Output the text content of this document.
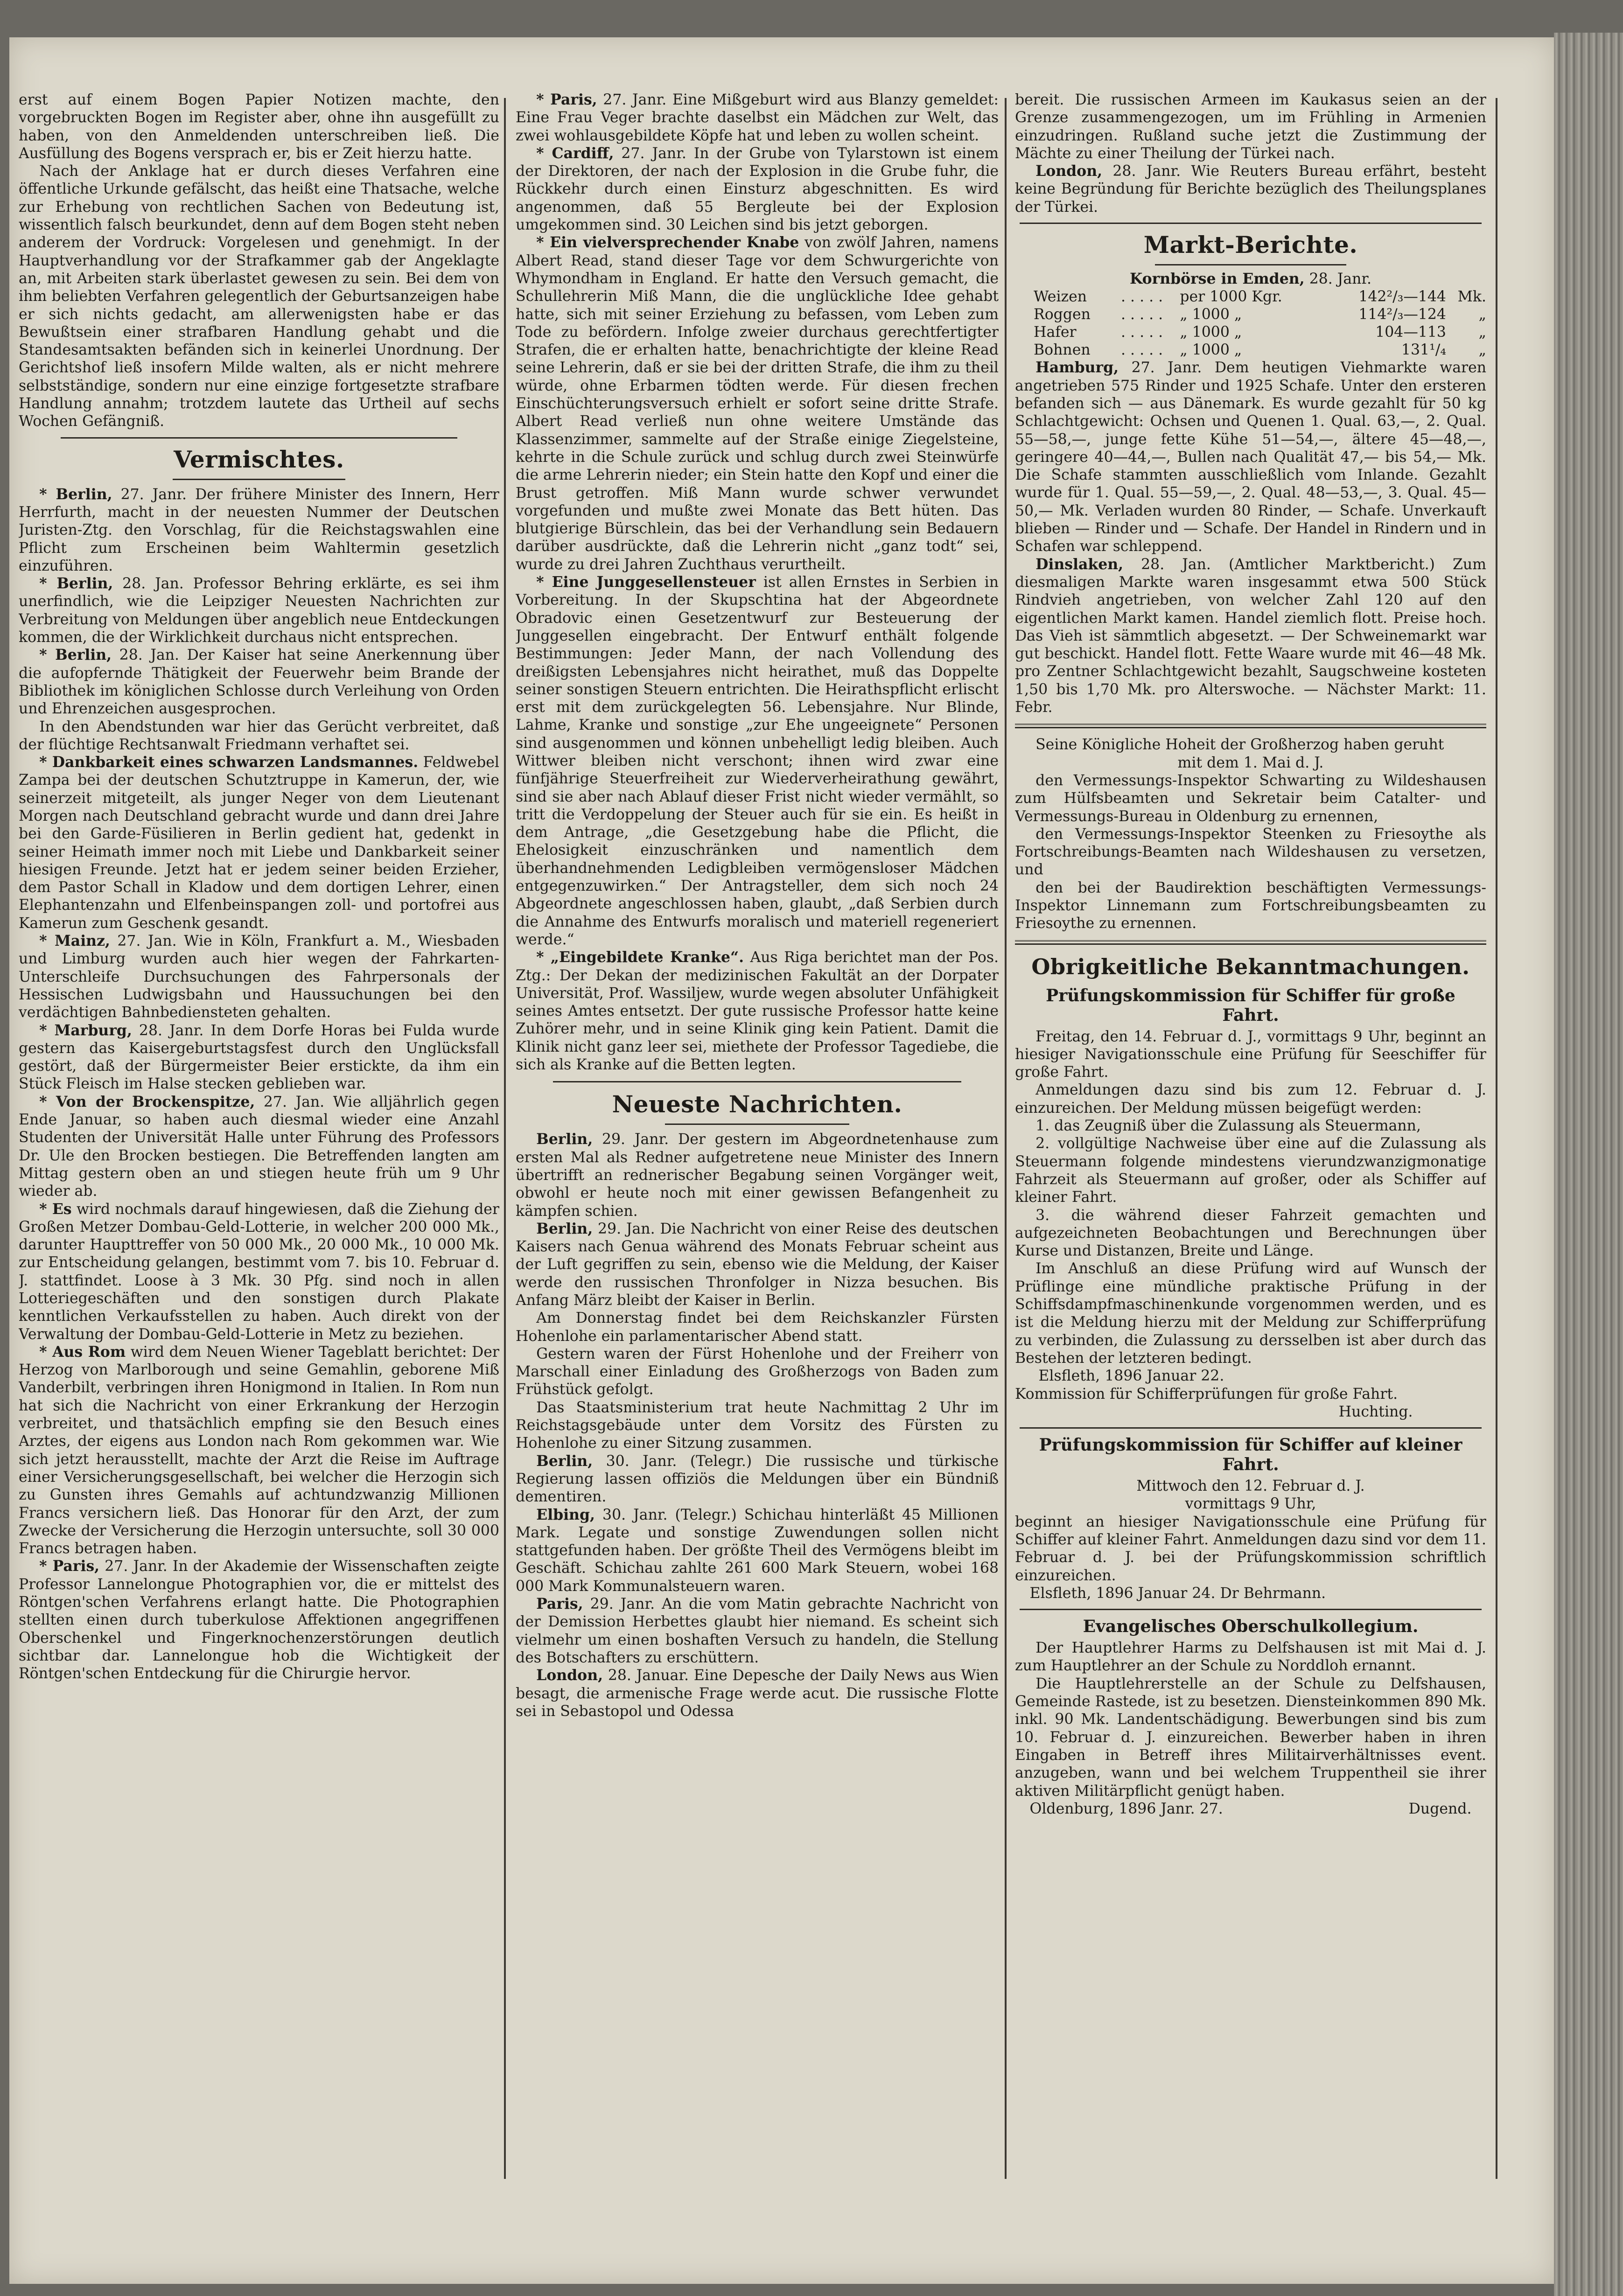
erst auf einem Bogen Papier Notizen machte, den vorgebruckten Bogen im Register aber, ohne ihn ausgefüllt zu haben, von den Anmeldenden unterschreiben ließ. Die Ausfüllung des Bogens versprach er, bis er Zeit hierzu hatte.

Nach der Anklage hat er durch dieses Verfahren eine öffentliche Urkunde gefälscht, das heißt eine Thatsache, welche zur Erhebung von rechtlichen Sachen von Bedeutung ist, wissentlich falsch beurkundet, denn auf dem Bogen steht neben anderem der Vordruck: Vorgelesen und genehmigt. In der Hauptverhandlung vor der Strafkammer gab der Angeklagte an, mit Arbeiten stark überlastet gewesen zu sein. Bei dem von ihm beliebten Verfahren gelegentlich der Geburtsanzeigen habe er sich nichts gedacht, am allerwenigsten habe er das Bewußtsein einer strafbaren Handlung gehabt und die Standesamtsakten befänden sich in keinerlei Unordnung. Der Gerichtshof ließ insofern Milde walten, als er nicht mehrere selbstständige, sondern nur eine einzige fortgesetzte strafbare Handlung annahm; trotzdem lautete das Urtheil auf sechs Wochen Gefängniß.

Vermischtes.

* Berlin, 27. Janr. Der frühere Minister des Innern, Herr Herrfurth, macht in der neuesten Nummer der Deutschen Juristen-Ztg. den Vorschlag, für die Reichstagswahlen eine Pflicht zum Erscheinen beim Wahltermin gesetzlich einzuführen.

* Berlin, 28. Jan. Professor Behring erklärte, es sei ihm unerfindlich, wie die Leipziger Neuesten Nachrichten zur Verbreitung von Meldungen über angeblich neue Entdeckungen kommen, die der Wirklichkeit durchaus nicht entsprechen.

* Berlin, 28. Jan. Der Kaiser hat seine Anerkennung über die aufopfernde Thätigkeit der Feuerwehr beim Brande der Bibliothek im königlichen Schlosse durch Verleihung von Orden und Ehrenzeichen ausgesprochen.

In den Abendstunden war hier das Gerücht verbreitet, daß der flüchtige Rechtsanwalt Friedmann verhaftet sei.

* Dankbarkeit eines schwarzen Landsmannes. Feldwebel Zampa bei der deutschen Schutztruppe in Kamerun, der, wie seinerzeit mitgeteilt, als junger Neger von dem Lieutenant Morgen nach Deutschland gebracht wurde und dann drei Jahre bei den Garde-Füsilieren in Berlin gedient hat, gedenkt in seiner Heimath immer noch mit Liebe und Dankbarkeit seiner hiesigen Freunde. Jetzt hat er jedem seiner beiden Erzieher, dem Pastor Schall in Kladow und dem dortigen Lehrer, einen Elephantenzahn und Elfenbeinspangen zoll- und portofrei aus Kamerun zum Geschenk gesandt.

* Mainz, 27. Jan. Wie in Köln, Frankfurt a. M., Wiesbaden und Limburg wurden auch hier wegen der Fahrkarten-Unterschleife Durchsuchungen des Fahrpersonals der Hessischen Ludwigsbahn und Haussuchungen bei den verdächtigen Bahnbediensteten gehalten.

* Marburg, 28. Janr. In dem Dorfe Horas bei Fulda wurde gestern das Kaisergeburtstagsfest durch den Unglücksfall gestört, daß der Bürgermeister Beier erstickte, da ihm ein Stück Fleisch im Halse stecken geblieben war.

* Von der Brockenspitze, 27. Jan. Wie alljährlich gegen Ende Januar, so haben auch diesmal wieder eine Anzahl Studenten der Universität Halle unter Führung des Professors Dr. Ule den Brocken bestiegen. Die Betreffenden langten am Mittag gestern oben an und stiegen heute früh um 9 Uhr wieder ab.

* Es wird nochmals darauf hingewiesen, daß die Ziehung der Großen Metzer Dombau-Geld-Lotterie, in welcher 200 000 Mk., darunter Haupttreffer von 50 000 Mk., 20 000 Mk., 10 000 Mk. zur Entscheidung gelangen, bestimmt vom 7. bis 10. Februar d. J. stattfindet. Loose à 3 Mk. 30 Pfg. sind noch in allen Lotteriegeschäften und den sonstigen durch Plakate kenntlichen Verkaufsstellen zu haben. Auch direkt von der Verwaltung der Dombau-Geld-Lotterie in Metz zu beziehen.

* Aus Rom wird dem Neuen Wiener Tageblatt berichtet: Der Herzog von Marlborough und seine Gemahlin, geborene Miß Vanderbilt, verbringen ihren Honigmond in Italien. In Rom nun hat sich die Nachricht von einer Erkrankung der Herzogin verbreitet, und thatsächlich empfing sie den Besuch eines Arztes, der eigens aus London nach Rom gekommen war. Wie sich jetzt herausstellt, machte der Arzt die Reise im Auftrage einer Versicherungsgesellschaft, bei welcher die Herzogin sich zu Gunsten ihres Gemahls auf achtundzwanzig Millionen Francs versichern ließ. Das Honorar für den Arzt, der zum Zwecke der Versicherung die Herzogin untersuchte, soll 30 000 Francs betragen haben.

* Paris, 27. Janr. In der Akademie der Wissenschaften zeigte Professor Lannelongue Photographien vor, die er mittelst des Röntgen'schen Verfahrens erlangt hatte. Die Photographien stellten einen durch tuberkulose Affektionen angegriffenen Oberschenkel und Fingerknochenzerstörungen deutlich sichtbar dar. Lannelongue hob die Wichtigkeit der Röntgen'schen Entdeckung für die Chirurgie hervor.

* Paris, 27. Janr. Eine Mißgeburt wird aus Blanzy gemeldet: Eine Frau Veger brachte daselbst ein Mädchen zur Welt, das zwei wohlausgebildete Köpfe hat und leben zu wollen scheint.

* Cardiff, 27. Janr. In der Grube von Tylarstown ist einem der Direktoren, der nach der Explosion in die Grube fuhr, die Rückkehr durch einen Einsturz abgeschnitten. Es wird angenommen, daß 55 Bergleute bei der Explosion umgekommen sind. 30 Leichen sind bis jetzt geborgen.

* Ein vielversprechender Knabe von zwölf Jahren, namens Albert Read, stand dieser Tage vor dem Schwurgerichte von Whymondham in England. Er hatte den Versuch gemacht, die Schullehrerin Miß Mann, die die unglückliche Idee gehabt hatte, sich mit seiner Erziehung zu befassen, vom Leben zum Tode zu befördern. Infolge zweier durchaus gerechtfertigter Strafen, die er erhalten hatte, benachrichtigte der kleine Read seine Lehrerin, daß er sie bei der dritten Strafe, die ihm zu theil würde, ohne Erbarmen tödten werde. Für diesen frechen Einschüchterungsversuch erhielt er sofort seine dritte Strafe. Albert Read verließ nun ohne weitere Umstände das Klassenzimmer, sammelte auf der Straße einige Ziegelsteine, kehrte in die Schule zurück und schlug durch zwei Steinwürfe die arme Lehrerin nieder; ein Stein hatte den Kopf und einer die Brust getroffen. Miß Mann wurde schwer verwundet vorgefunden und mußte zwei Monate das Bett hüten. Das blutgierige Bürschlein, das bei der Verhandlung sein Bedauern darüber ausdrückte, daß die Lehrerin nicht „ganz todt“ sei, wurde zu drei Jahren Zuchthaus verurtheilt.

* Eine Junggesellensteuer ist allen Ernstes in Serbien in Vorbereitung. In der Skupschtina hat der Abgeordnete Obradovic einen Gesetzentwurf zur Besteuerung der Junggesellen eingebracht. Der Entwurf enthält folgende Bestimmungen: Jeder Mann, der nach Vollendung des dreißigsten Lebensjahres nicht heirathet, muß das Doppelte seiner sonstigen Steuern entrichten. Die Heirathspflicht erlischt erst mit dem zurückgelegten 56. Lebensjahre. Nur Blinde, Lahme, Kranke und sonstige „zur Ehe ungeeignete“ Personen sind ausgenommen und können unbehelligt ledig bleiben. Auch Wittwer bleiben nicht verschont; ihnen wird zwar eine fünfjährige Steuerfreiheit zur Wiederverheirathung gewährt, sind sie aber nach Ablauf dieser Frist nicht wieder vermählt, so tritt die Verdoppelung der Steuer auch für sie ein. Es heißt in dem Antrage, „die Gesetzgebung habe die Pflicht, die Ehelosigkeit einzuschränken und namentlich dem überhandnehmenden Ledigbleiben vermögensloser Mädchen entgegenzuwirken.“ Der Antragsteller, dem sich noch 24 Abgeordnete angeschlossen haben, glaubt, „daß Serbien durch die Annahme des Entwurfs moralisch und materiell regeneriert werde.“

* „Eingebildete Kranke“. Aus Riga berichtet man der Pos. Ztg.: Der Dekan der medizinischen Fakultät an der Dorpater Universität, Prof. Wassiljew, wurde wegen absoluter Unfähigkeit seines Amtes entsetzt. Der gute russische Professor hatte keine Zuhörer mehr, und in seine Klinik ging kein Patient. Damit die Klinik nicht ganz leer sei, miethete der Professor Tagediebe, die sich als Kranke auf die Betten legten.

Neueste Nachrichten.

Berlin, 29. Janr. Der gestern im Abgeordnetenhause zum ersten Mal als Redner aufgetretene neue Minister des Innern übertrifft an rednerischer Begabung seinen Vorgänger weit, obwohl er heute noch mit einer gewissen Befangenheit zu kämpfen schien.

Berlin, 29. Jan. Die Nachricht von einer Reise des deutschen Kaisers nach Genua während des Monats Februar scheint aus der Luft gegriffen zu sein, ebenso wie die Meldung, der Kaiser werde den russischen Thronfolger in Nizza besuchen. Bis Anfang März bleibt der Kaiser in Berlin.

Am Donnerstag findet bei dem Reichskanzler Fürsten Hohenlohe ein parlamentarischer Abend statt.

Gestern waren der Fürst Hohenlohe und der Freiherr von Marschall einer Einladung des Großherzogs von Baden zum Frühstück gefolgt.

Das Staatsministerium trat heute Nachmittag 2 Uhr im Reichstagsgebäude unter dem Vorsitz des Fürsten zu Hohenlohe zu einer Sitzung zusammen.

Berlin, 30. Janr. (Telegr.) Die russische und türkische Regierung lassen offiziös die Meldungen über ein Bündniß dementiren.

Elbing, 30. Janr. (Telegr.) Schichau hinterläßt 45 Millionen Mark. Legate und sonstige Zuwendungen sollen nicht stattgefunden haben. Der größte Theil des Vermögens bleibt im Geschäft. Schichau zahlte 261 600 Mark Steuern, wobei 168 000 Mark Kommunalsteuern waren.

Paris, 29. Janr. An die vom Matin gebrachte Nachricht von der Demission Herbettes glaubt hier niemand. Es scheint sich vielmehr um einen boshaften Versuch zu handeln, die Stellung des Botschafters zu erschüttern.

London, 28. Januar. Eine Depesche der Daily News aus Wien besagt, die armenische Frage werde acut. Die russische Flotte sei in Sebastopol und Odessa

bereit. Die russischen Armeen im Kaukasus seien an der Grenze zusammengezogen, um im Frühling in Armenien einzudringen. Rußland suche jetzt die Zustimmung der Mächte zu einer Theilung der Türkei nach.

London, 28. Janr. Wie Reuters Bureau erfährt, besteht keine Begründung für Berichte bezüglich des Theilungsplanes der Türkei.

Markt-Berichte.

Kornbörse in Emden, 28. Janr.

Weizen	. . . . .	per 1000 Kgr.	142²/₃—144	Mk.
Roggen	. . . . .	„ 1000 „	114²/₃—124	„
Hafer	. . . . .	„ 1000 „	104—113	„
Bohnen	. . . . .	„ 1000 „	131¹/₄	„

Hamburg, 27. Janr. Dem heutigen Viehmarkte waren angetrieben 575 Rinder und 1925 Schafe. Unter den ersteren befanden sich — aus Dänemark. Es wurde gezahlt für 50 kg Schlachtgewicht: Ochsen und Quenen 1. Qual. 63,—, 2. Qual. 55—58,—, junge fette Kühe 51—54,—, ältere 45—48,—, geringere 40—44,—, Bullen nach Qualität 47,— bis 54,— Mk. Die Schafe stammten ausschließlich vom Inlande. Gezahlt wurde für 1. Qual. 55—59,—, 2. Qual. 48—53,—, 3. Qual. 45—50,— Mk. Verladen wurden 80 Rinder, — Schafe. Unverkauft blieben — Rinder und — Schafe. Der Handel in Rindern und in Schafen war schleppend.

Dinslaken, 28. Jan. (Amtlicher Marktbericht.) Zum diesmaligen Markte waren insgesammt etwa 500 Stück Rindvieh angetrieben, von welcher Zahl 120 auf den eigentlichen Markt kamen. Handel ziemlich flott. Preise hoch. Das Vieh ist sämmtlich abgesetzt. — Der Schweinemarkt war gut beschickt. Handel flott. Fette Waare wurde mit 46—48 Mk. pro Zentner Schlachtgewicht bezahlt, Saugschweine kosteten 1,50 bis 1,70 Mk. pro Alterswoche. — Nächster Markt: 11. Febr.

Seine Königliche Hoheit der Großherzog haben geruht

mit dem 1. Mai d. J.

den Vermessungs-Inspektor Schwarting zu Wildeshausen zum Hülfsbeamten und Sekretair beim Catalter- und Vermessungs-Bureau in Oldenburg zu ernennen,

den Vermessungs-Inspektor Steenken zu Friesoythe als Fortschreibungs-Beamten nach Wildeshausen zu versetzen, und

den bei der Baudirektion beschäftigten Vermessungs-Inspektor Linnemann zum Fortschreibungsbeamten zu Friesoythe zu ernennen.

Obrigkeitliche Bekanntmachungen.
Prüfungskommission für Schiffer für große Fahrt.

Freitag, den 14. Februar d. J., vormittags 9 Uhr, beginnt an hiesiger Navigationsschule eine Prüfung für Seeschiffer für große Fahrt.

Anmeldungen dazu sind bis zum 12. Februar d. J. einzureichen. Der Meldung müssen beigefügt werden:

1. das Zeugniß über die Zulassung als Steuermann,

2. vollgültige Nachweise über eine auf die Zulassung als Steuermann folgende mindestens vierundzwanzigmonatige Fahrzeit als Steuermann auf großer, oder als Schiffer auf kleiner Fahrt.

3. die während dieser Fahrzeit gemachten und aufgezeichneten Beobachtungen und Berechnungen über Kurse und Distanzen, Breite und Länge.

Im Anschluß an diese Prüfung wird auf Wunsch der Prüflinge eine mündliche praktische Prüfung in der Schiffsdampfmaschinenkunde vorgenommen werden, und es ist die Meldung hierzu mit der Meldung zur Schifferprüfung zu verbinden, die Zulassung zu dersselben ist aber durch das Bestehen der letzteren bedingt.

Elsfleth, 1896 Januar 22.

Kommission für Schifferprüfungen für große Fahrt.

Huchting.

Prüfungskommission für Schiffer auf kleiner Fahrt.

Mittwoch den 12. Februar d. J.

vormittags 9 Uhr,

beginnt an hiesiger Navigationsschule eine Prüfung für Schiffer auf kleiner Fahrt. Anmeldungen dazu sind vor dem 11. Februar d. J. bei der Prüfungskommission schriftlich einzureichen.

Elsfleth, 1896 Januar 24. Dr Behrmann.

Evangelisches Oberschulkollegium.

Der Hauptlehrer Harms zu Delfshausen ist mit Mai d. J. zum Hauptlehrer an der Schule zu Norddloh ernannt.

Die Hauptlehrerstelle an der Schule zu Delfshausen, Gemeinde Rastede, ist zu besetzen. Diensteinkommen 890 Mk. inkl. 90 Mk. Landentschädigung. Bewerbungen sind bis zum 10. Februar d. J. einzureichen. Bewerber haben in ihren Eingaben in Betreff ihres Militairverhältnisses event. anzugeben, wann und bei welchem Truppentheil sie ihrer aktiven Militärpflicht genügt haben.

Oldenburg, 1896 Janr. 27.	Dugend.
